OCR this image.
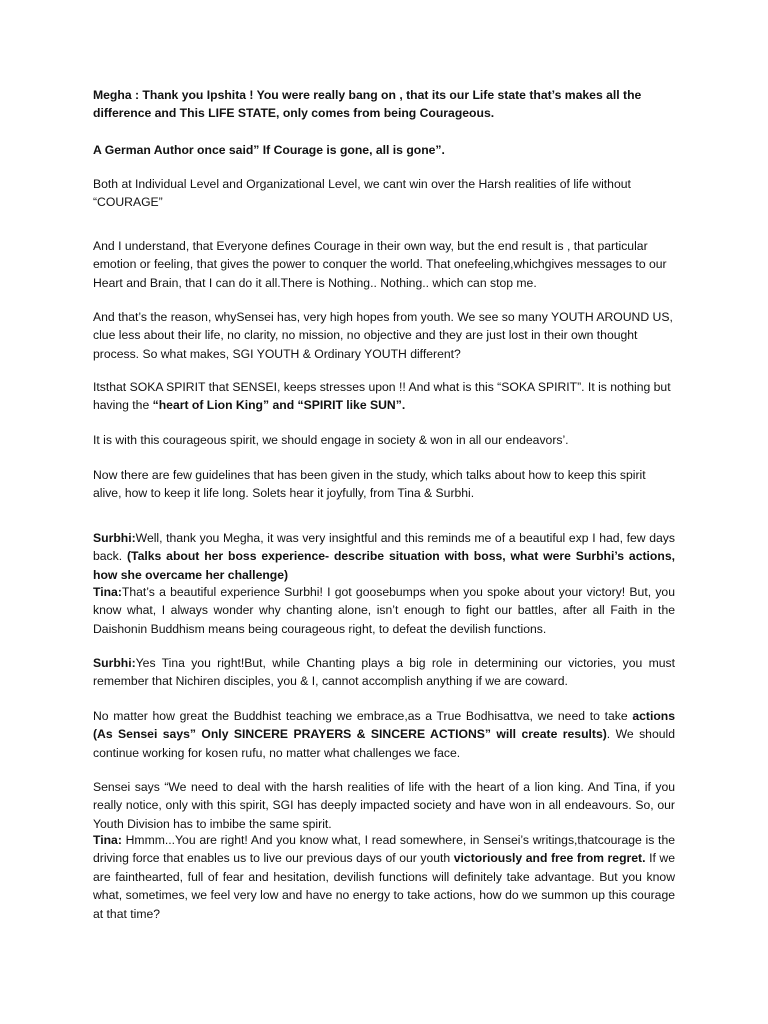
Megha : Thank you Ipshita ! You were really bang on , that its our Life state that’s makes all the difference and This LIFE STATE, only comes from being Courageous.

A German Author once said” If Courage is gone, all is gone”.

Both at Individual Level and Organizational Level, we cant win over the Harsh realities of life without “COURAGE”

And I understand, that Everyone defines Courage in their own way, but the end result is , that particular emotion or feeling, that gives the power to conquer the world. That onefeeling,whichgives messages to our Heart and Brain, that I can do it all.There is Nothing.. Nothing.. which can stop me.

And that’s the reason, whySensei has, very high hopes from youth. We see so many YOUTH AROUND US, clue less about their life, no clarity, no mission, no objective and they are just lost in their own thought process. So what makes, SGI YOUTH & Ordinary YOUTH different?

Itsthat SOKA SPIRIT that SENSEI, keeps stresses upon !! And what is this “SOKA SPIRIT”. It is nothing but having the “heart of Lion King” and “SPIRIT like SUN”.

It is with this courageous spirit, we should engage in society & won in all our endeavors’.

Now there are few guidelines that has been given in the study, which talks about how to keep this spirit alive, how to keep it life long. Solets hear it joyfully, from Tina & Surbhi.

Surbhi:Well, thank you Megha, it was very insightful and this reminds me of a beautiful exp I had, few days back. (Talks about her boss experience- describe situation with boss, what were Surbhi’s actions, how she overcame her challenge)

Tina:That’s a beautiful experience Surbhi! I got goosebumps when you spoke about your victory! But, you know what, I always wonder why chanting alone, isn’t enough to fight our battles, after all Faith in the Daishonin Buddhism means being courageous right, to defeat the devilish functions.

Surbhi:Yes Tina you right!But, while Chanting plays a big role in determining our victories, you must remember that Nichiren disciples, you & I, cannot accomplish anything if we are coward.

No matter how great the Buddhist teaching we embrace,as a True Bodhisattva, we need to take actions (As Sensei says” Only SINCERE PRAYERS & SINCERE ACTIONS” will create results). We should continue working for kosen rufu, no matter what challenges we face.

Sensei says “We need to deal with the harsh realities of life with the heart of a lion king. And Tina, if you really notice, only with this spirit, SGI has deeply impacted society and have won in all endeavours. So, our Youth Division has to imbibe the same spirit.

Tina: Hmmm...You are right! And you know what, I read somewhere, in Sensei’s writings,thatcourage is the driving force that enables us to live our previous days of our youth victoriously and free from regret. If we are fainthearted, full of fear and hesitation, devilish functions will definitely take advantage. But you know what, sometimes, we feel very low and have no energy to take actions, how do we summon up this courage at that time?
